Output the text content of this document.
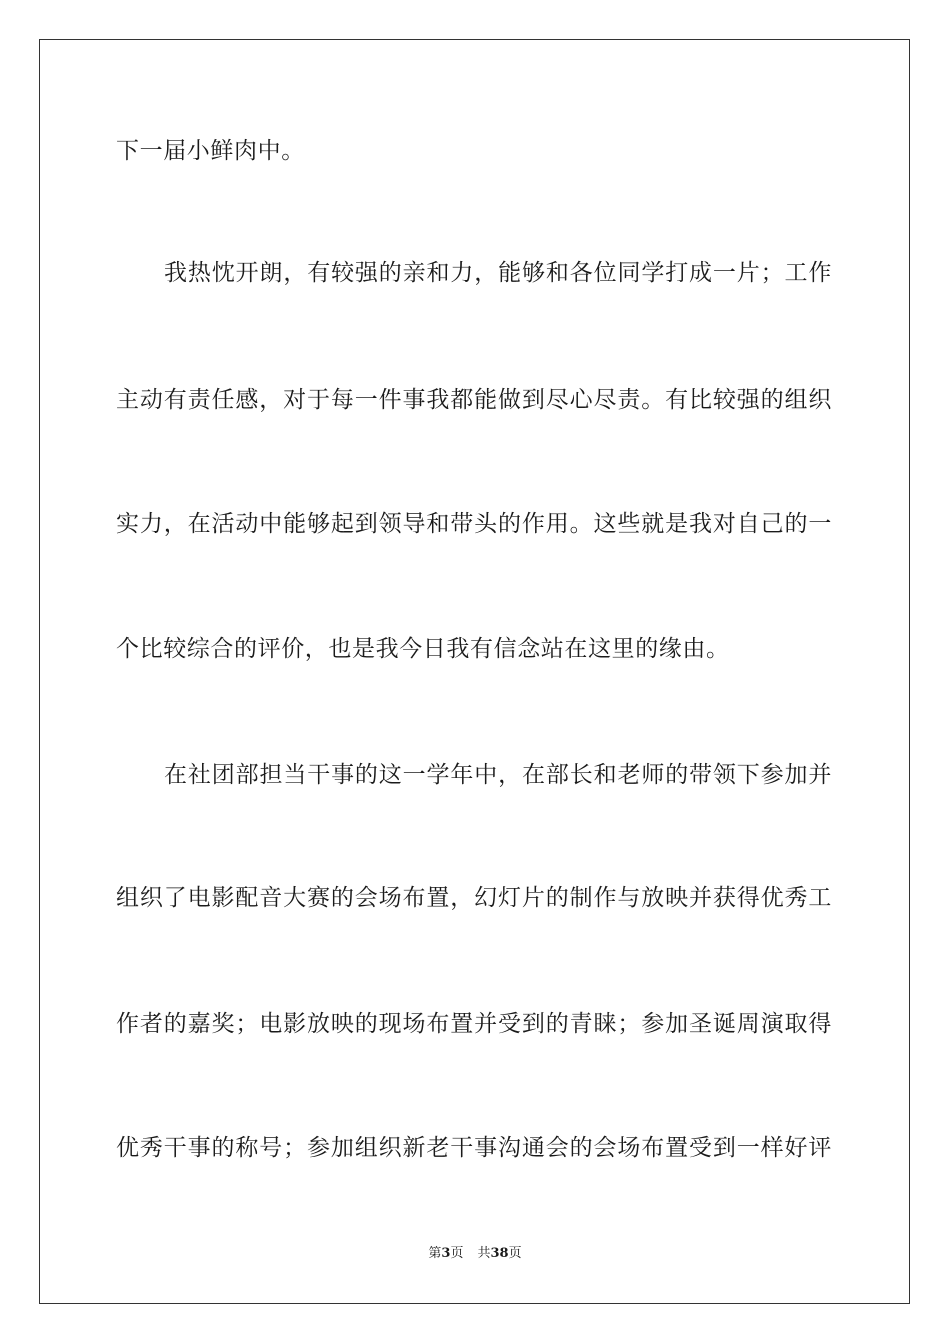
下一届小鲜肉中。
我热忱开朗，有较强的亲和力，能够和各位同学打成一片；工作
主动有责任感，对于每一件事我都能做到尽心尽责。有比较强的组织
实力，在活动中能够起到领导和带头的作用。这些就是我对自己的一
个比较综合的评价，也是我今日我有信念站在这里的缘由。
在社团部担当干事的这一学年中，在部长和老师的带领下参加并
组织了电影配音大赛的会场布置，幻灯片的制作与放映并获得优秀工
作者的嘉奖；电影放映的现场布置并受到的青睐；参加圣诞周演取得
优秀干事的称号；参加组织新老干事沟通会的会场布置受到一样好评
第3页 共38页
